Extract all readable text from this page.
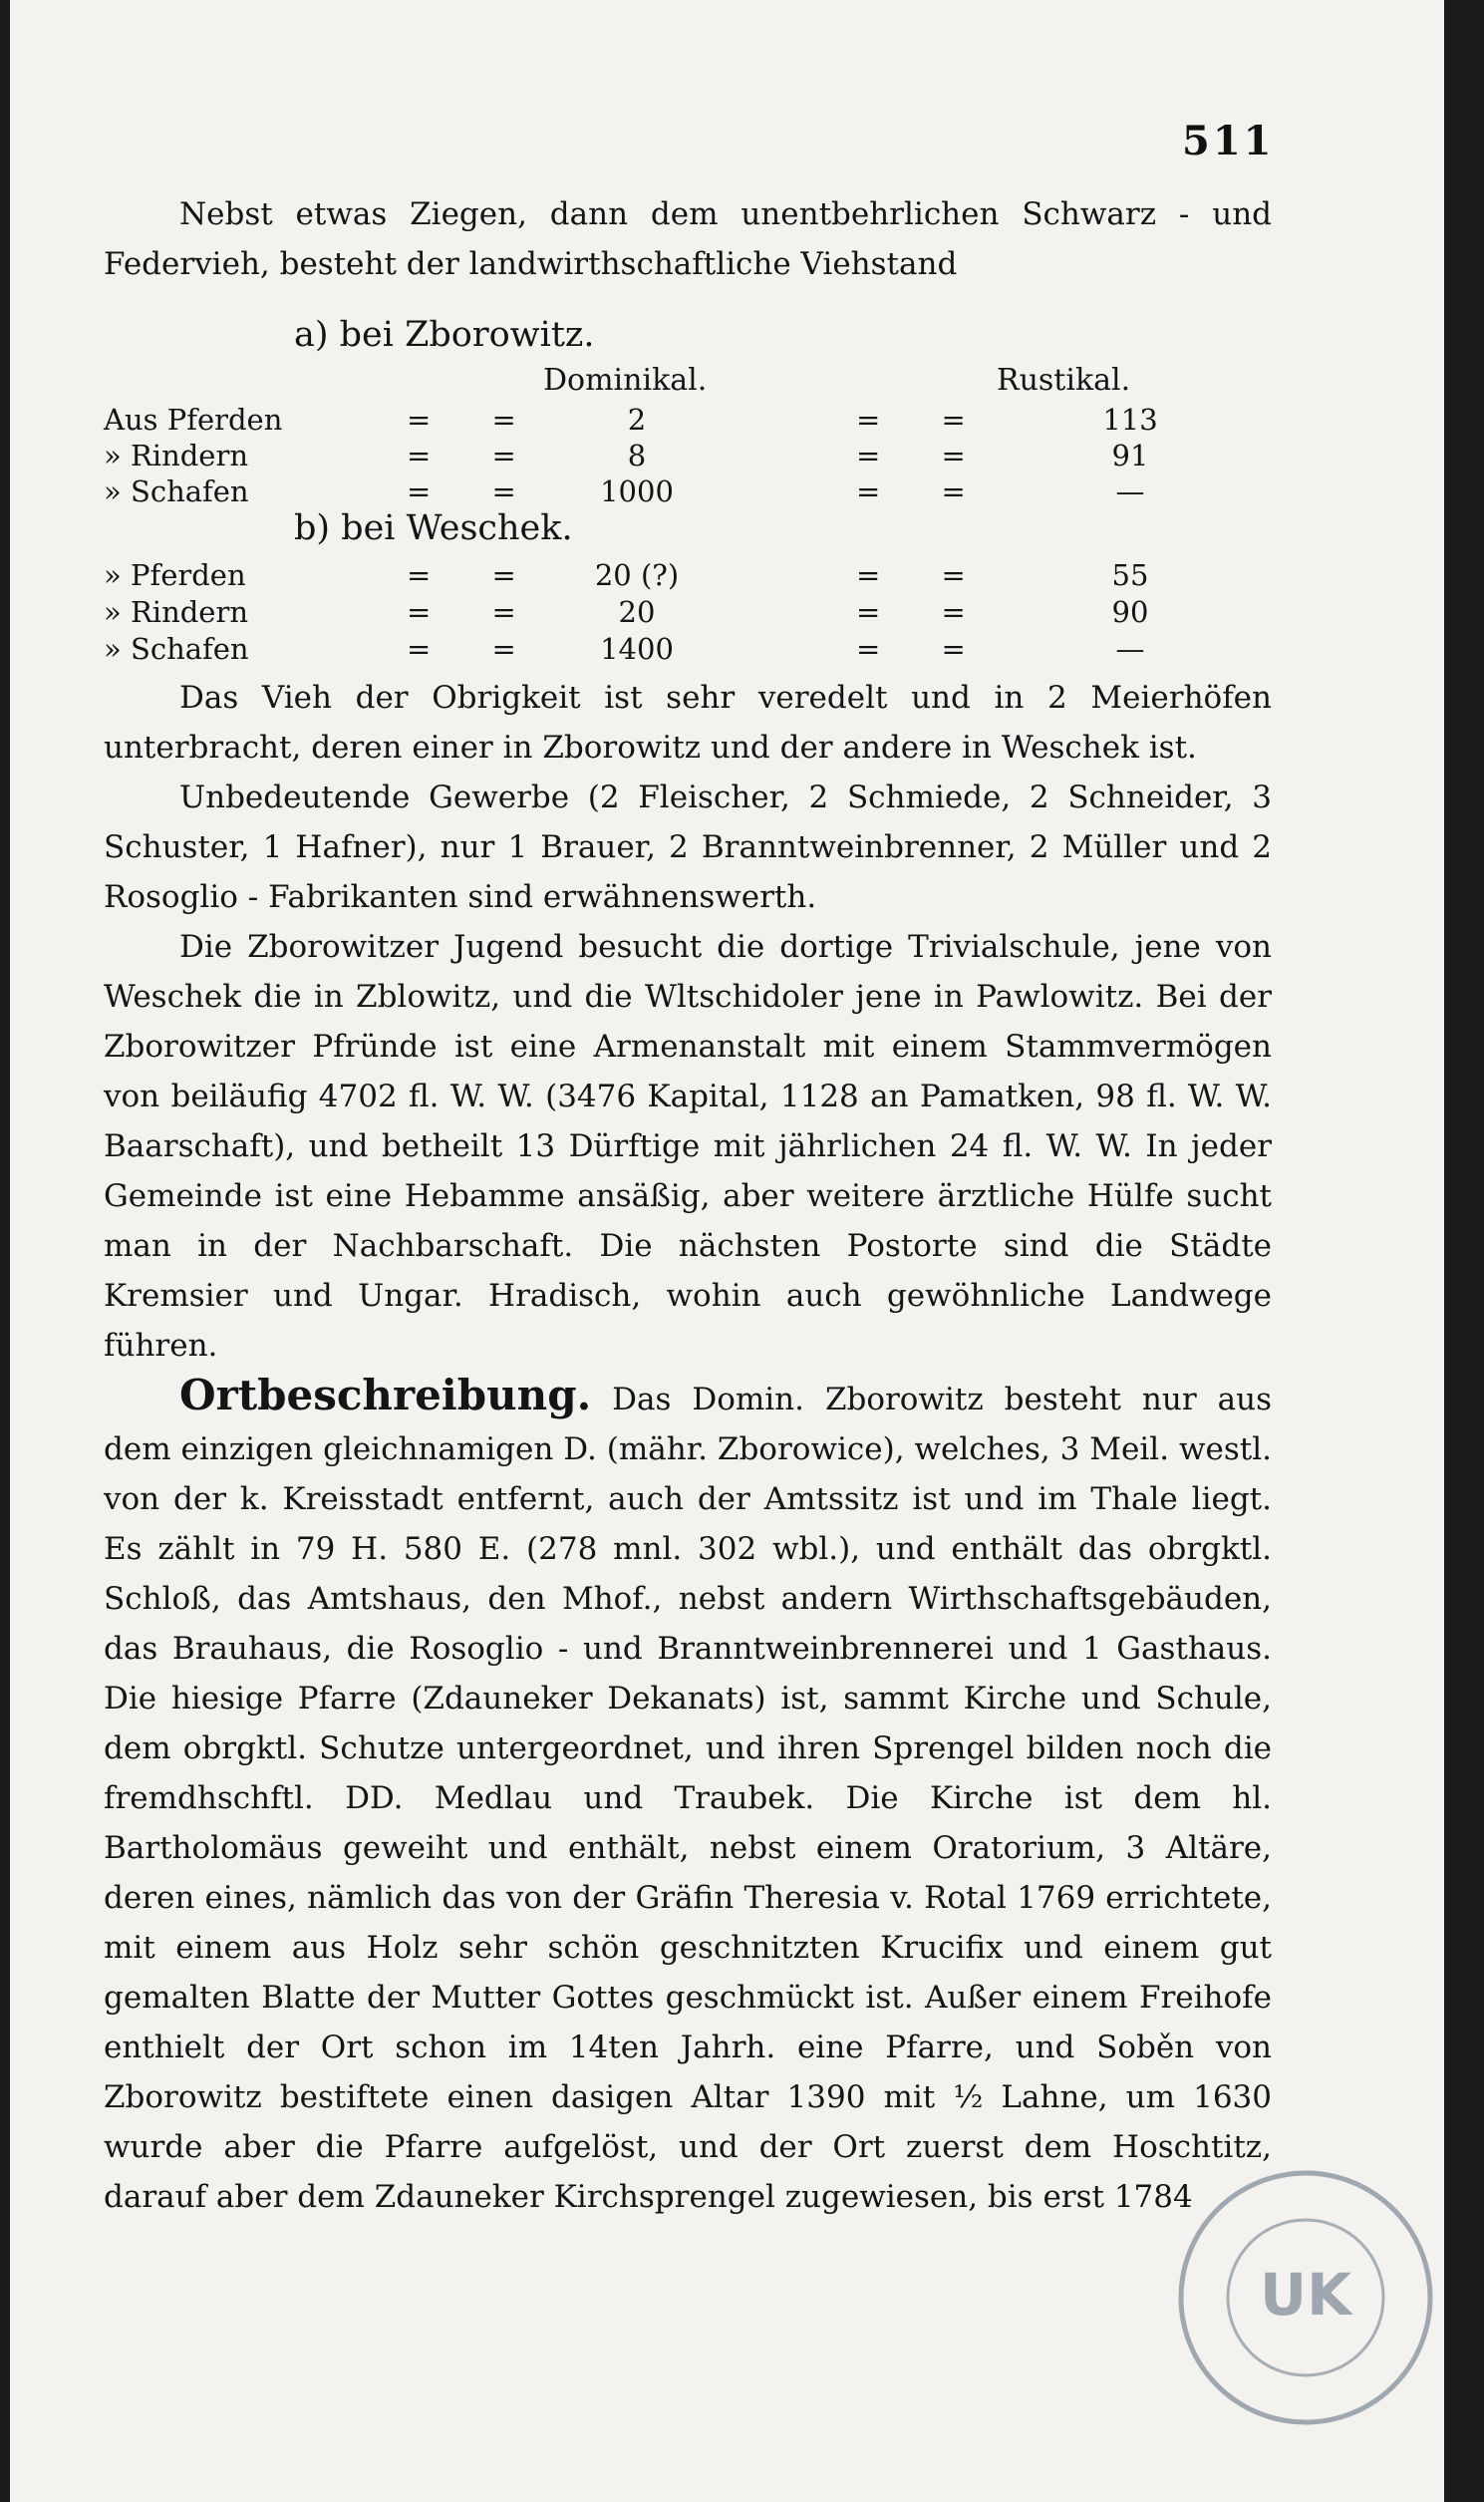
511

Nebst etwas Ziegen, dann dem unentbehrlichen Schwarz - und Federvieh, besteht der landwirthschaftliche Viehstand

a) bei Zborowitz.
Dominikal.	Rustikal.
Aus Pferden	= =	2	= =	113
» Rindern	= =	8	= =	91
» Schafen	= =	1000	= =	—
b) bei Weschek.
» Pferden	= =	20 (?)	= =	55
» Rindern	= =	20	= =	90
» Schafen	= =	1400	= =	—

Das Vieh der Obrigkeit ist sehr veredelt und in 2 Meierhöfen unterbracht, deren einer in Zborowitz und der andere in Weschek ist.

Unbedeutende Gewerbe (2 Fleischer, 2 Schmiede, 2 Schneider, 3 Schuster, 1 Hafner), nur 1 Brauer, 2 Branntweinbrenner, 2 Müller und 2 Rosoglio - Fabrikanten sind erwähnenswerth.

Die Zborowitzer Jugend besucht die dortige Trivialschule, jene von Weschek die in Zblowitz, und die Wltschidoler jene in Pawlowitz. Bei der Zborowitzer Pfründe ist eine Armenanstalt mit einem Stammvermögen von beiläufig 4702 fl. W. W. (3476 Kapital, 1128 an Pamatken, 98 fl. W. W. Baarschaft), und betheilt 13 Dürftige mit jährlichen 24 fl. W. W. In jeder Gemeinde ist eine Hebamme ansäßig, aber weitere ärztliche Hülfe sucht man in der Nachbarschaft. Die nächsten Postorte sind die Städte Kremsier und Ungar. Hradisch, wohin auch gewöhnliche Landwege führen.

Ortbeschreibung. Das Domin. Zborowitz besteht nur aus dem einzigen gleichnamigen D. (mähr. Zborowice), welches, 3 Meil. westl. von der k. Kreisstadt entfernt, auch der Amtssitz ist und im Thale liegt. Es zählt in 79 H. 580 E. (278 mnl. 302 wbl.), und enthält das obrgktl. Schloß, das Amtshaus, den Mhof., nebst andern Wirthschaftsgebäuden, das Brauhaus, die Rosoglio - und Branntweinbrennerei und 1 Gasthaus. Die hiesige Pfarre (Zdauneker Dekanats) ist, sammt Kirche und Schule, dem obrgktl. Schutze untergeordnet, und ihren Sprengel bilden noch die fremdhschftl. DD. Medlau und Traubek. Die Kirche ist dem hl. Bartholomäus geweiht und enthält, nebst einem Oratorium, 3 Altäre, deren eines, nämlich das von der Gräfin Theresia v. Rotal 1769 errichtete, mit einem aus Holz sehr schön geschnitzten Krucifix und einem gut gemalten Blatte der Mutter Gottes geschmückt ist. Außer einem Freihofe enthielt der Ort schon im 14ten Jahrh. eine Pfarre, und Soběn von Zborowitz bestiftete einen dasigen Altar 1390 mit ½ Lahne, um 1630 wurde aber die Pfarre aufgelöst, und der Ort zuerst dem Hoschtitz, darauf aber dem Zdauneker Kirchsprengel zugewiesen, bis erst 1784

UK
